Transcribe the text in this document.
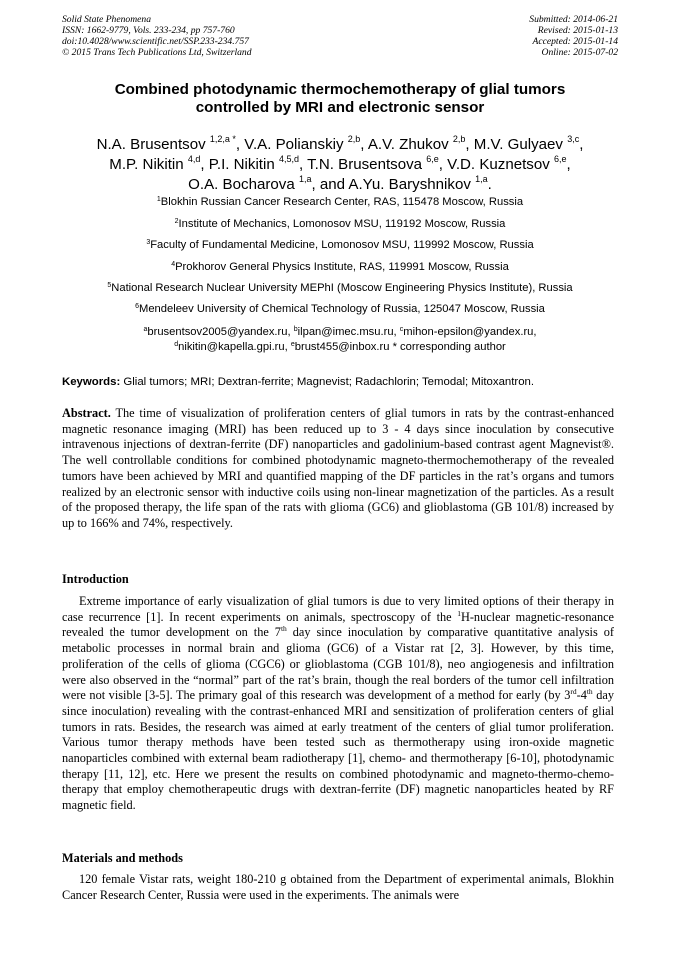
Solid State Phenomena
ISSN: 1662-9779, Vols. 233-234, pp 757-760
doi:10.4028/www.scientific.net/SSP.233-234.757
© 2015 Trans Tech Publications Ltd, Switzerland
Submitted: 2014-06-21
Revised: 2015-01-13
Accepted: 2015-01-14
Online: 2015-07-02
Combined photodynamic thermochemotherapy of glial tumors
controlled by MRI and electronic sensor
N.A. Brusentsov $^{1,2,a *}$, V.A. Polianskiy $^{2,b}$, A.V. Zhukov $^{2,b}$, M.V. Gulyaev $^{3,c}$,
M.P. Nikitin $^{4,d}$, P.I. Nikitin $^{4,5,d}$, T.N. Brusentsova $^{6,e}$, V.D. Kuznetsov $^{6,e}$,
O.A. Bocharova $^{1,a}$, and A.Yu. Baryshnikov $^{1,a}$.
$^1$Blokhin Russian Cancer Research Center, RAS, 115478 Moscow, Russia
$^2$Institute of Mechanics, Lomonosov MSU, 119192 Moscow, Russia
$^3$Faculty of Fundamental Medicine, Lomonosov MSU, 119992 Moscow, Russia
$^4$Prokhorov General Physics Institute, RAS, 119991 Moscow, Russia
$^5$National Research Nuclear University MEPhI (Moscow Engineering Physics Institute), Russia
$^6$Mendeleev University of Chemical Technology of Russia, 125047 Moscow, Russia
$^a$brusentsov2005@yandex.ru, $^b$ilpan@imec.msu.ru, $^c$mihon-epsilon@yandex.ru,
$^d$nikitin@kapella.gpi.ru, $^e$brust455@inbox.ru * corresponding author
Keywords: Glial tumors; MRI; Dextran-ferrite; Magnevist; Radachlorin; Temodal; Mitoxantron.
Abstract. The time of visualization of proliferation centers of glial tumors in rats by the contrast-enhanced magnetic resonance imaging (MRI) has been reduced up to 3 - 4 days since inoculation by consecutive intravenous injections of dextran-ferrite (DF) nanoparticles and gadolinium-based contrast agent Magnevist®. The well controllable conditions for combined photodynamic magneto-thermochemotherapy of the revealed tumors have been achieved by MRI and quantified mapping of the DF particles in the rat’s organs and tumors realized by an electronic sensor with inductive coils using non-linear magnetization of the particles. As a result of the proposed therapy, the life span of the rats with glioma (GC6) and glioblastoma (GB 101/8) increased by up to 166% and 74%, respectively.
Introduction
Extreme importance of early visualization of glial tumors is due to very limited options of their therapy in case recurrence [1]. In recent experiments on animals, spectroscopy of the $^1$H-nuclear magnetic-resonance revealed the tumor development on the 7th day since inoculation by comparative quantitative analysis of metabolic processes in normal brain and glioma (GC6) of a Vistar rat [2, 3]. However, by this time, proliferation of the cells of glioma (CGC6) or glioblastoma (CGB 101/8), neo angiogenesis and infiltration were also observed in the “normal” part of the rat’s brain, though the real borders of the tumor cell infiltration were not visible [3-5]. The primary goal of this research was development of a method for early (by 3rd-4th day since inoculation) revealing with the contrast-enhanced MRI and sensitization of proliferation centers of glial tumors in rats. Besides, the research was aimed at early treatment of the centers of glial tumor proliferation. Various tumor therapy methods have been tested such as thermotherapy using iron-oxide magnetic nanoparticles combined with external beam radiotherapy [1], chemo- and thermotherapy [6-10], photodynamic therapy [11, 12], etc. Here we present the results on combined photodynamic and magneto-thermo-chemo-therapy that employ chemotherapeutic drugs with dextran-ferrite (DF) magnetic nanoparticles heated by RF magnetic field.
Materials and methods
120 female Vistar rats, weight 180-210 g obtained from the Department of experimental animals, Blokhin Cancer Research Center, Russia were used in the experiments. The animals were
